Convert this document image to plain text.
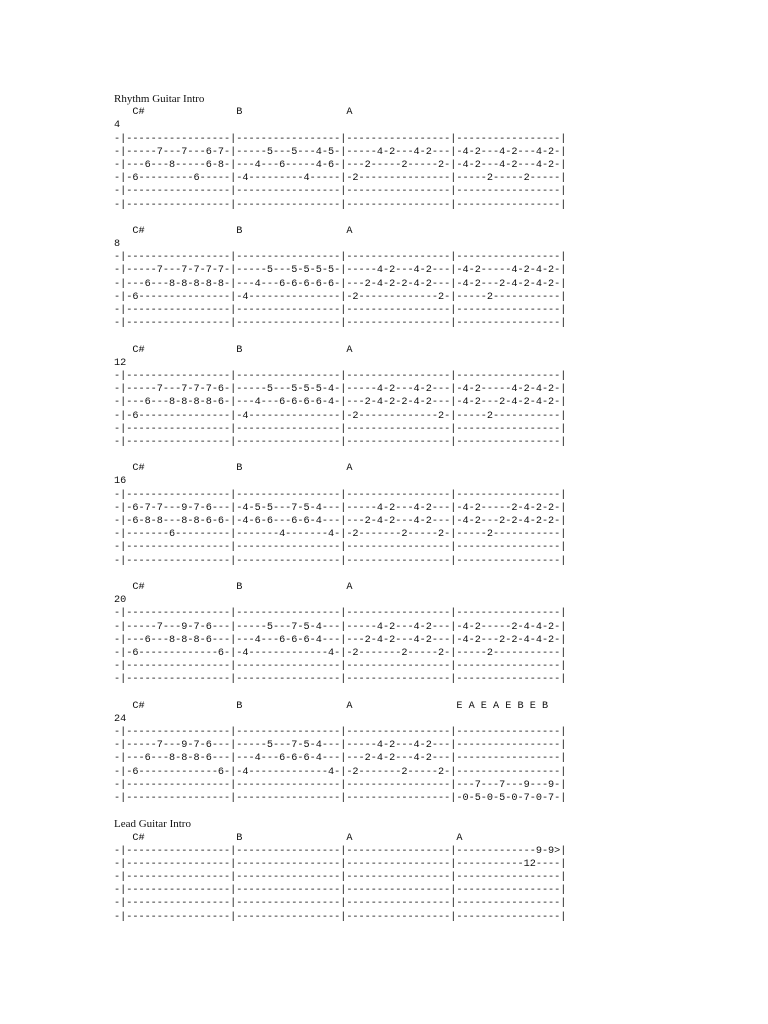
Rhythm Guitar Intro
C#               B                 A
4
-|-----------------|-----------------|-----------------|-----------------|
-|-----7---7---6-7-|-----5---5---4-5-|-----4-2---4-2---|-4-2---4-2---4-2-|
-|---6---8-----6-8-|---4---6-----4-6-|---2-----2-----2-|-4-2---4-2---4-2-|
-|-6---------6-----|-4---------4-----|-2---------------|-----2-----2-----|
-|-----------------|-----------------|-----------------|-----------------|
-|-----------------|-----------------|-----------------|-----------------|
C#               B                 A
8
-|-----------------|-----------------|-----------------|-----------------|
-|-----7---7-7-7-7-|-----5---5-5-5-5-|-----4-2---4-2---|-4-2-----4-2-4-2-|
-|---6---8-8-8-8-8-|---4---6-6-6-6-6-|---2-4-2-2-4-2---|-4-2---2-4-2-4-2-|
-|-6---------------|-4---------------|-2-------------2-|-----2-----------|
-|-----------------|-----------------|-----------------|-----------------|
-|-----------------|-----------------|-----------------|-----------------|
C#               B                 A
12
-|-----------------|-----------------|-----------------|-----------------|
-|-----7---7-7-7-6-|-----5---5-5-5-4-|-----4-2---4-2---|-4-2-----4-2-4-2-|
-|---6---8-8-8-8-6-|---4---6-6-6-6-4-|---2-4-2-2-4-2---|-4-2---2-4-2-4-2-|
-|-6---------------|-4---------------|-2-------------2-|-----2-----------|
-|-----------------|-----------------|-----------------|-----------------|
-|-----------------|-----------------|-----------------|-----------------|
C#               B                 A
16
-|-----------------|-----------------|-----------------|-----------------|
-|-6-7-7---9-7-6---|-4-5-5---7-5-4---|-----4-2---4-2---|-4-2-----2-4-2-2-|
-|-6-8-8---8-8-6-6-|-4-6-6---6-6-4---|---2-4-2---4-2---|-4-2---2-2-4-2-2-|
-|-------6---------|-------4-------4-|-2-------2-----2-|-----2-----------|
-|-----------------|-----------------|-----------------|-----------------|
-|-----------------|-----------------|-----------------|-----------------|
C#               B                 A
20
-|-----------------|-----------------|-----------------|-----------------|
-|-----7---9-7-6---|-----5---7-5-4---|-----4-2---4-2---|-4-2-----2-4-4-2-|
-|---6---8-8-8-6---|---4---6-6-6-4---|---2-4-2---4-2---|-4-2---2-2-4-4-2-|
-|-6-------------6-|-4-------------4-|-2-------2-----2-|-----2-----------|
-|-----------------|-----------------|-----------------|-----------------|
-|-----------------|-----------------|-----------------|-----------------|
C#               B                 A                 E A E A E B E B
24
-|-----------------|-----------------|-----------------|-----------------|
-|-----7---9-7-6---|-----5---7-5-4---|-----4-2---4-2---|-----------------|
-|---6---8-8-8-6---|---4---6-6-6-4---|---2-4-2---4-2---|-----------------|
-|-6-------------6-|-4-------------4-|-2-------2-----2-|-----------------|
-|-----------------|-----------------|-----------------|---7---7---9---9-|
-|-----------------|-----------------|-----------------|-0-5-0-5-0-7-0-7-|
Lead Guitar Intro
C#               B                 A                 A
-|-----------------|-----------------|-----------------|-------------9-9>|
-|-----------------|-----------------|-----------------|-----------12----|
-|-----------------|-----------------|-----------------|-----------------|
-|-----------------|-----------------|-----------------|-----------------|
-|-----------------|-----------------|-----------------|-----------------|
-|-----------------|-----------------|-----------------|-----------------|
